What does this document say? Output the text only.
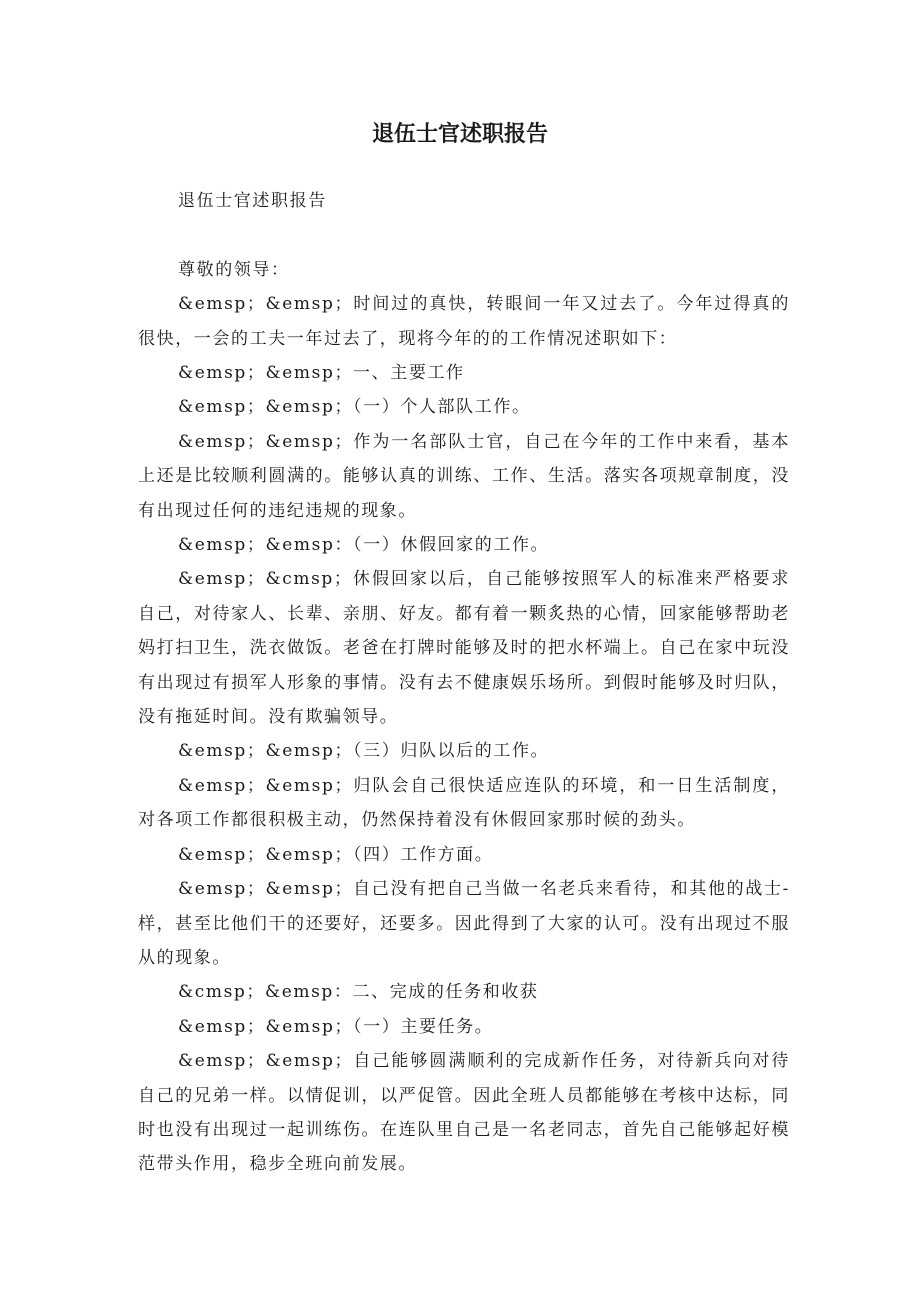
退伍士官述职报告

退伍士官述职报告

尊敬的领导：

&emsp；&emsp；时间过的真快，转眼间一年又过去了。今年过得真的很快，一会的工夫一年过去了，现将今年的的工作情况述职如下：

&emsp；&emsp；一、主要工作

&emsp；&emsp；（一）个人部队工作。

&emsp；&emsp；作为一名部队士官，自己在今年的工作中来看，基本上还是比较顺利圆满的。能够认真的训练、工作、生活。落实各项规章制度，没有出现过任何的违纪违规的现象。

&emsp；&emsp：（一）休假回家的工作。

&emsp；&cmsp；休假回家以后，自己能够按照军人的标准来严格要求自己，对待家人、长辈、亲朋、好友。都有着一颗炙热的心情，回家能够帮助老妈打扫卫生，洗衣做饭。老爸在打牌时能够及时的把水杯端上。自己在家中玩没有出现过有损军人形象的事情。没有去不健康娱乐场所。到假时能够及时归队，没有拖延时间。没有欺骗领导。

&emsp；&emsp；（三）归队以后的工作。

&emsp；&emsp；归队会自己很快适应连队的环境，和一日生活制度，对各项工作都很积极主动，仍然保持着没有休假回家那时候的劲头。

&emsp；&emsp；（四）工作方面。

&emsp；&emsp；自己没有把自己当做一名老兵来看待，和其他的战士-样，甚至比他们干的还要好，还要多。因此得到了大家的认可。没有出现过不服从的现象。

&cmsp；&emsp：二、完成的任务和收获

&emsp；&emsp；（一）主要任务。

&emsp；&emsp；自己能够圆满顺利的完成新作任务，对待新兵向对待自己的兄弟一样。以情促训，以严促管。因此全班人员都能够在考核中达标，同时也没有出现过一起训练伤。在连队里自己是一名老同志，首先自己能够起好模范带头作用，稳步全班向前发展。
